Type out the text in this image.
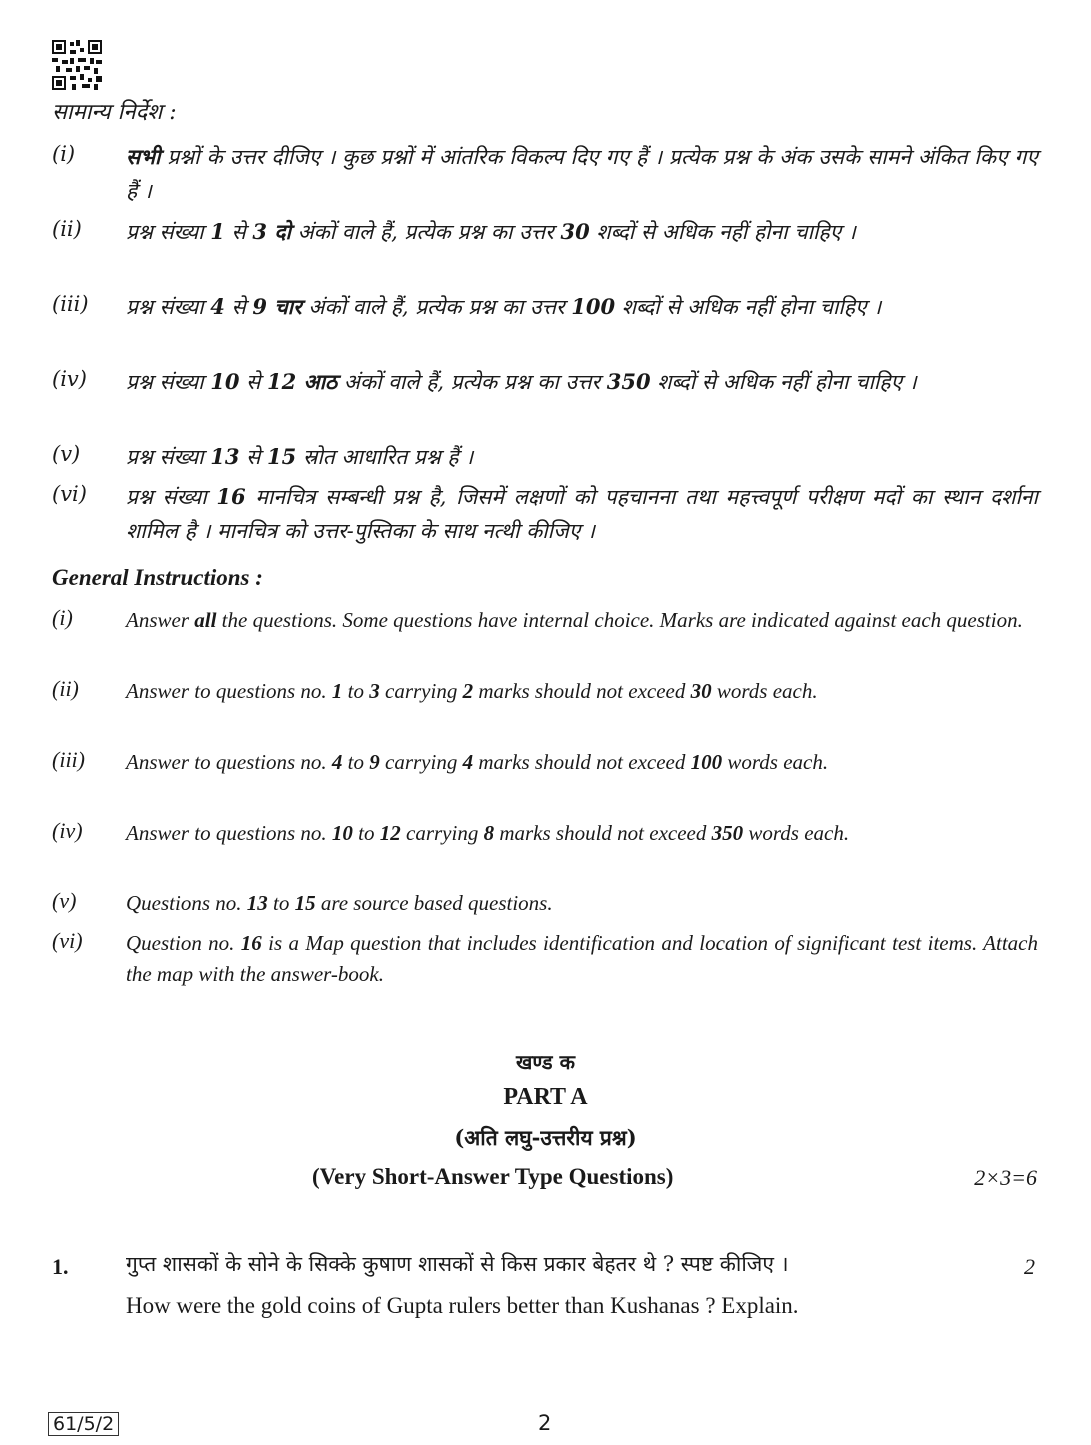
सामान्य निर्देश :
(i) सभी प्रश्नों के उत्तर दीजिए । कुछ प्रश्नों में आंतरिक विकल्प दिए गए हैं । प्रत्येक प्रश्न के अंक उसके सामने अंकित किए गए हैं ।
(ii) प्रश्न संख्या 1 से 3 दो अंकों वाले हैं, प्रत्येक प्रश्न का उत्तर 30 शब्दों से अधिक नहीं होना चाहिए ।
(iii) प्रश्न संख्या 4 से 9 चार अंकों वाले हैं, प्रत्येक प्रश्न का उत्तर 100 शब्दों से अधिक नहीं होना चाहिए ।
(iv) प्रश्न संख्या 10 से 12 आठ अंकों वाले हैं, प्रत्येक प्रश्न का उत्तर 350 शब्दों से अधिक नहीं होना चाहिए ।
(v) प्रश्न संख्या 13 से 15 स्रोत आधारित प्रश्न हैं ।
(vi) प्रश्न संख्या 16 मानचित्र सम्बन्धी प्रश्न है, जिसमें लक्षणों को पहचानना तथा महत्त्वपूर्ण परीक्षण मदों का स्थान दर्शाना शामिल है । मानचित्र को उत्तर-पुस्तिका के साथ नत्थी कीजिए ।
General Instructions :
(i)	Answer all the questions. Some questions have internal choice. Marks are indicated against each question.
(ii) Answer to questions no. 1 to 3 carrying 2 marks should not exceed 30 words each.
(iii) Answer to questions no. 4 to 9 carrying 4 marks should not exceed 100 words each.
(iv) Answer to questions no. 10 to 12 carrying 8 marks should not exceed 350 words each.
(v) Questions no. 13 to 15 are source based questions.
(vi) Question no. 16 is a Map question that includes identification and location of significant test items. Attach the map with the answer-book.
खण्ड क
PART A
(अति लघु-उत्तरीय प्रश्न)
(Very Short-Answer Type Questions)	2×3=6
1.	गुप्त शासकों के सोने के सिक्के कुषाण शासकों से किस प्रकार बेहतर थे ? स्पष्ट कीजिए ।	2
How were the gold coins of Gupta rulers better than Kushanas ? Explain.
61/5/2	2
